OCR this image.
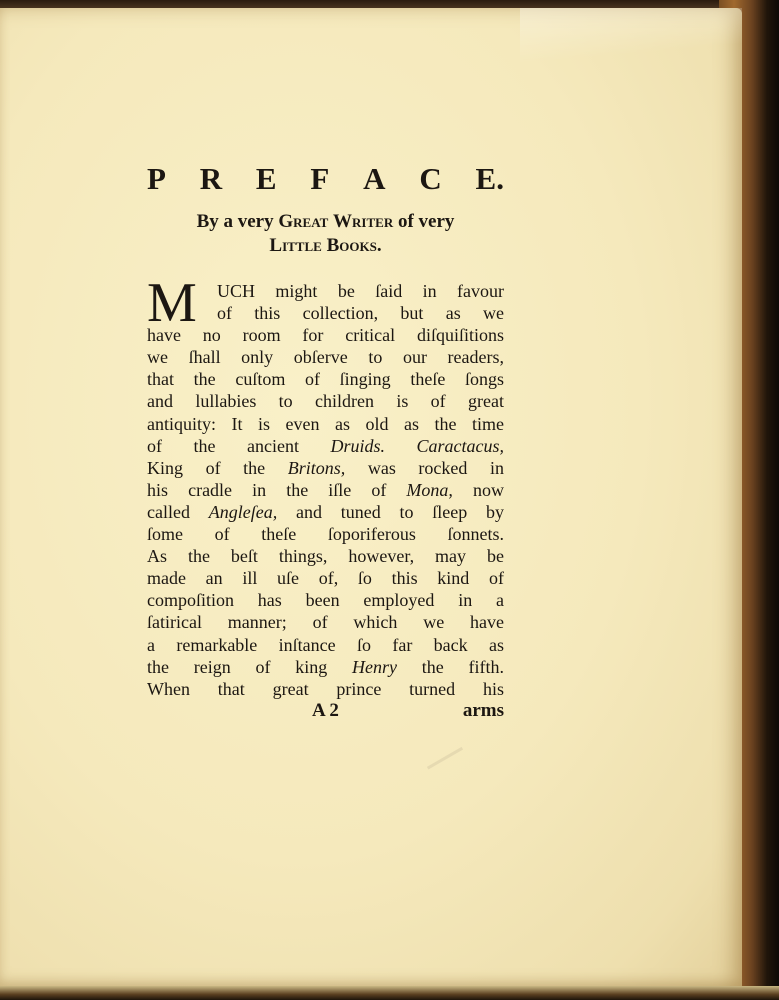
P R E F A C E.
By a very Great Writer of very
Little Books.
M UCH might be ſaid in favour
of this collection, but as we
have no room for critical diſquiſitions
we ſhall only obſerve to our readers,
that the cuſtom of ſinging theſe ſongs
and lullabies to children is of great
antiquity: It is even as old as the time
of the ancient Druids. Caractacus,
King of the Britons, was rocked in
his cradle in the iſle of Mona, now
called Angleſea, and tuned to ſleep by
ſome of theſe ſoporiferous ſonnets.
As the beſt things, however, may be
made an ill uſe of, ſo this kind of
compoſition has been employed in a
ſatirical manner; of which we have
a remarkable inſtance ſo far back as
the reign of king Henry the fifth.
When that great prince turned his
A 2	arms
